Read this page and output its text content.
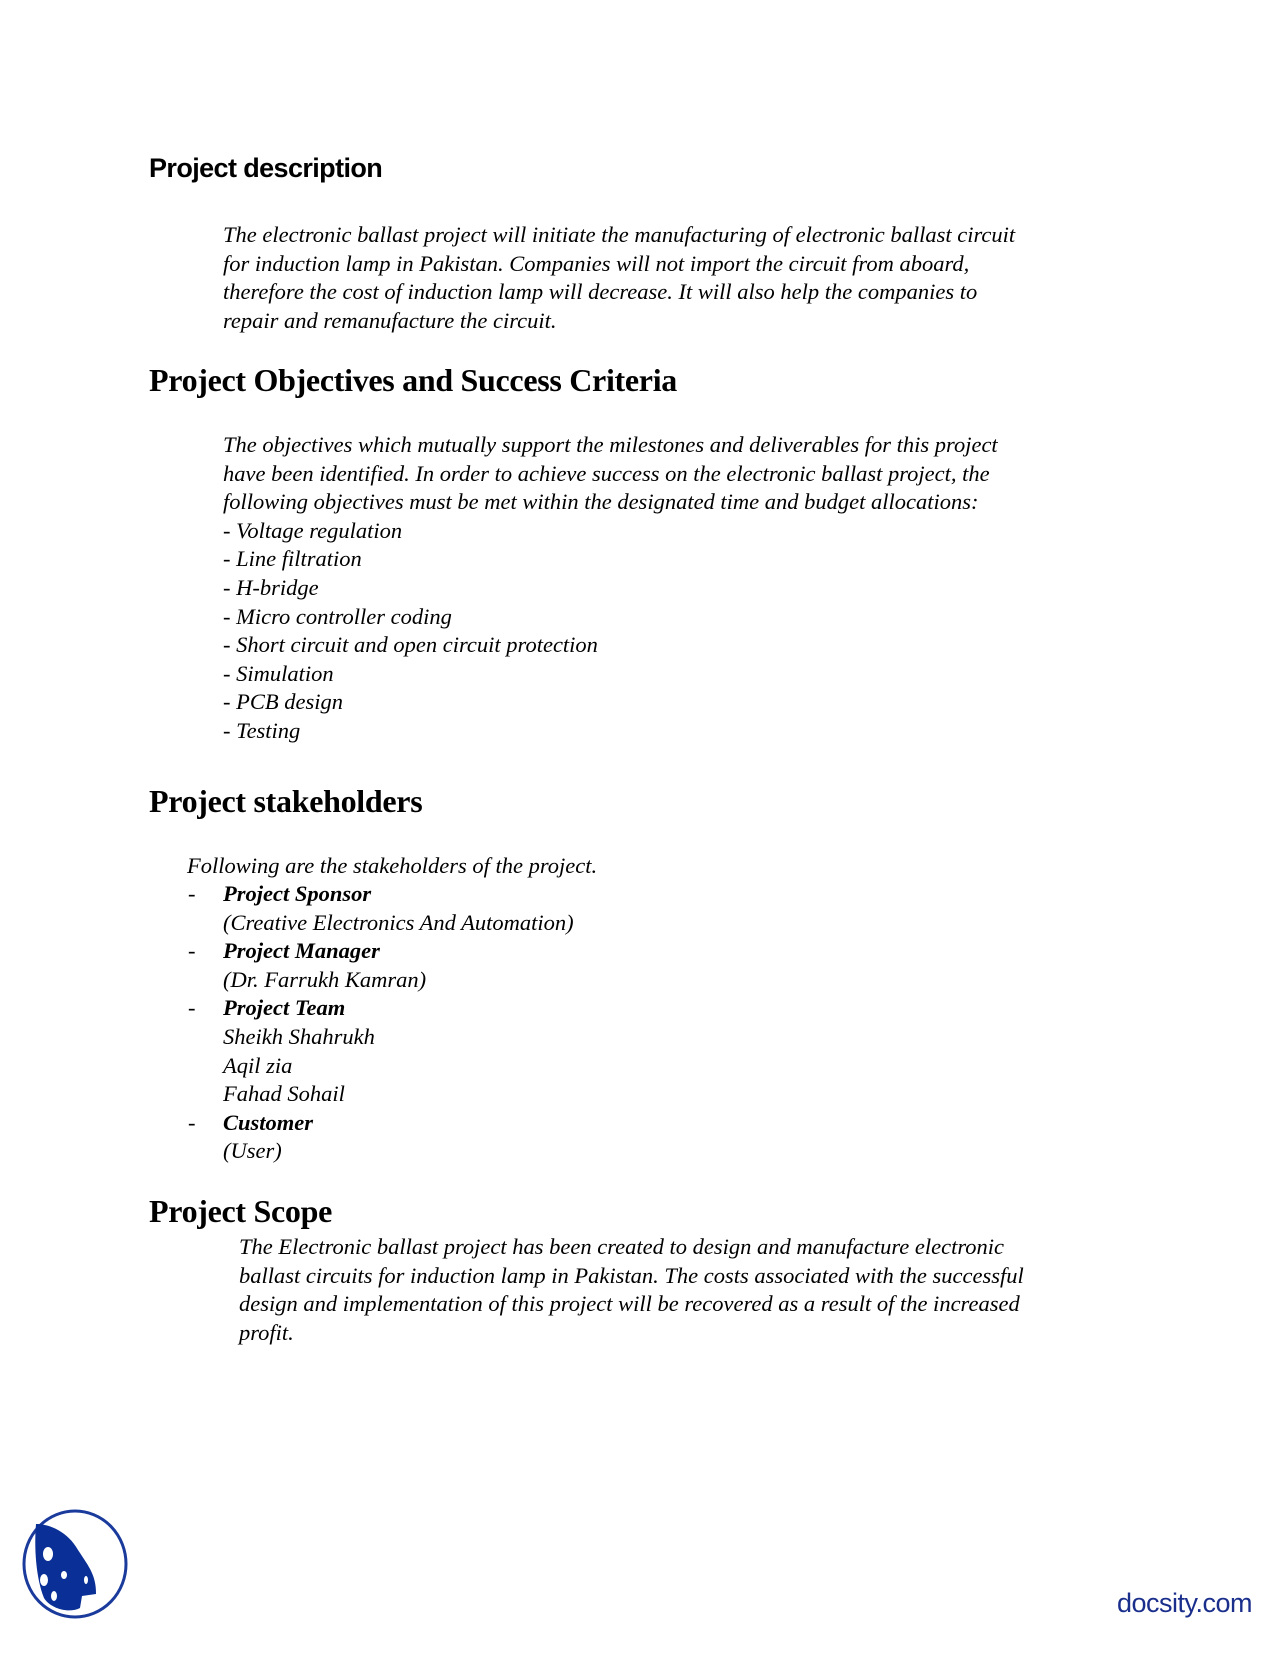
Project description
The electronic ballast project will initiate the manufacturing of electronic ballast circuit
for induction lamp in Pakistan. Companies will not import the circuit from aboard,
therefore the cost of induction lamp will decrease. It will also help the companies to
repair and remanufacture the circuit.
Project Objectives and Success Criteria
The objectives which mutually support the milestones and deliverables for this project
have been identified. In order to achieve success on the electronic ballast project, the
following objectives must be met within the designated time and budget allocations:
- Voltage regulation
- Line filtration
- H-bridge
- Micro controller coding
- Short circuit and open circuit protection
- Simulation
- PCB design
- Testing
Project stakeholders
Following are the stakeholders of the project.
- Project Sponsor
(Creative Electronics And Automation)
- Project Manager
(Dr. Farrukh Kamran)
- Project Team
Sheikh Shahrukh
Aqil zia
Fahad Sohail
- Customer
(User)
Project Scope
The Electronic ballast project has been created to design and manufacture electronic
ballast circuits for induction lamp in Pakistan. The costs associated with the successful
design and implementation of this project will be recovered as a result of the increased
profit.
docsity.com
